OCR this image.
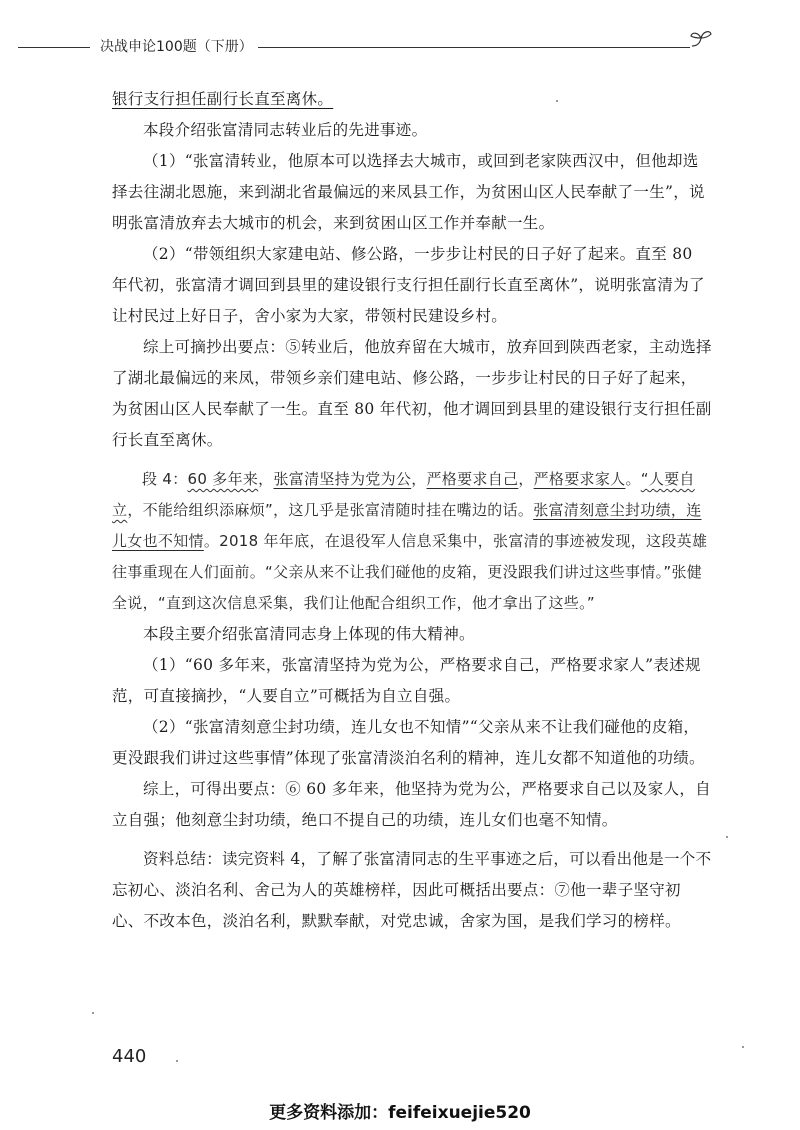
决战申论100题（下册）

银行支行担任副行长直至离休。

本段介绍张富清同志转业后的先进事迹。

（1）“张富清转业，他原本可以选择去大城市，或回到老家陕西汉中，但他却选择去往湖北恩施，来到湖北省最偏远的来凤县工作，为贫困山区人民奉献了一生”，说明张富清放弃去大城市的机会，来到贫困山区工作并奉献一生。

（2）“带领组织大家建电站、修公路，一步步让村民的日子好了起来。直至 80 年代初，张富清才调回到县里的建设银行支行担任副行长直至离休”，说明张富清为了让村民过上好日子，舍小家为大家，带领村民建设乡村。

综上可摘抄出要点：⑤转业后，他放弃留在大城市，放弃回到陕西老家，主动选择了湖北最偏远的来凤，带领乡亲们建电站、修公路，一步步让村民的日子好了起来，为贫困山区人民奉献了一生。直至 80 年代初，他才调回到县里的建设银行支行担任副行长直至离休。

段 4：60 多年来，张富清坚持为党为公，严格要求自己，严格要求家人。“人要自立，不能给组织添麻烦”，这几乎是张富清随时挂在嘴边的话。张富清刻意尘封功绩，连儿女也不知情。2018 年年底，在退役军人信息采集中，张富清的事迹被发现，这段英雄往事重现在人们面前。“父亲从来不让我们碰他的皮箱，更没跟我们讲过这些事情。”张健全说，“直到这次信息采集，我们让他配合组织工作，他才拿出了这些。”

本段主要介绍张富清同志身上体现的伟大精神。

（1）“60 多年来，张富清坚持为党为公，严格要求自己，严格要求家人”表述规范，可直接摘抄，“人要自立”可概括为自立自强。

（2）“张富清刻意尘封功绩，连儿女也不知情”“父亲从来不让我们碰他的皮箱，更没跟我们讲过这些事情”体现了张富清淡泊名利的精神，连儿女都不知道他的功绩。

综上，可得出要点：⑥ 60 多年来，他坚持为党为公，严格要求自己以及家人，自立自强；他刻意尘封功绩，绝口不提自己的功绩，连儿女们也毫不知情。

资料总结：读完资料 4，了解了张富清同志的生平事迹之后，可以看出他是一个不忘初心、淡泊名利、舍己为人的英雄榜样，因此可概括出要点：⑦他一辈子坚守初心、不改本色，淡泊名利，默默奉献，对党忠诚，舍家为国，是我们学习的榜样。

440
更多资料添加：feifeixuejie520
